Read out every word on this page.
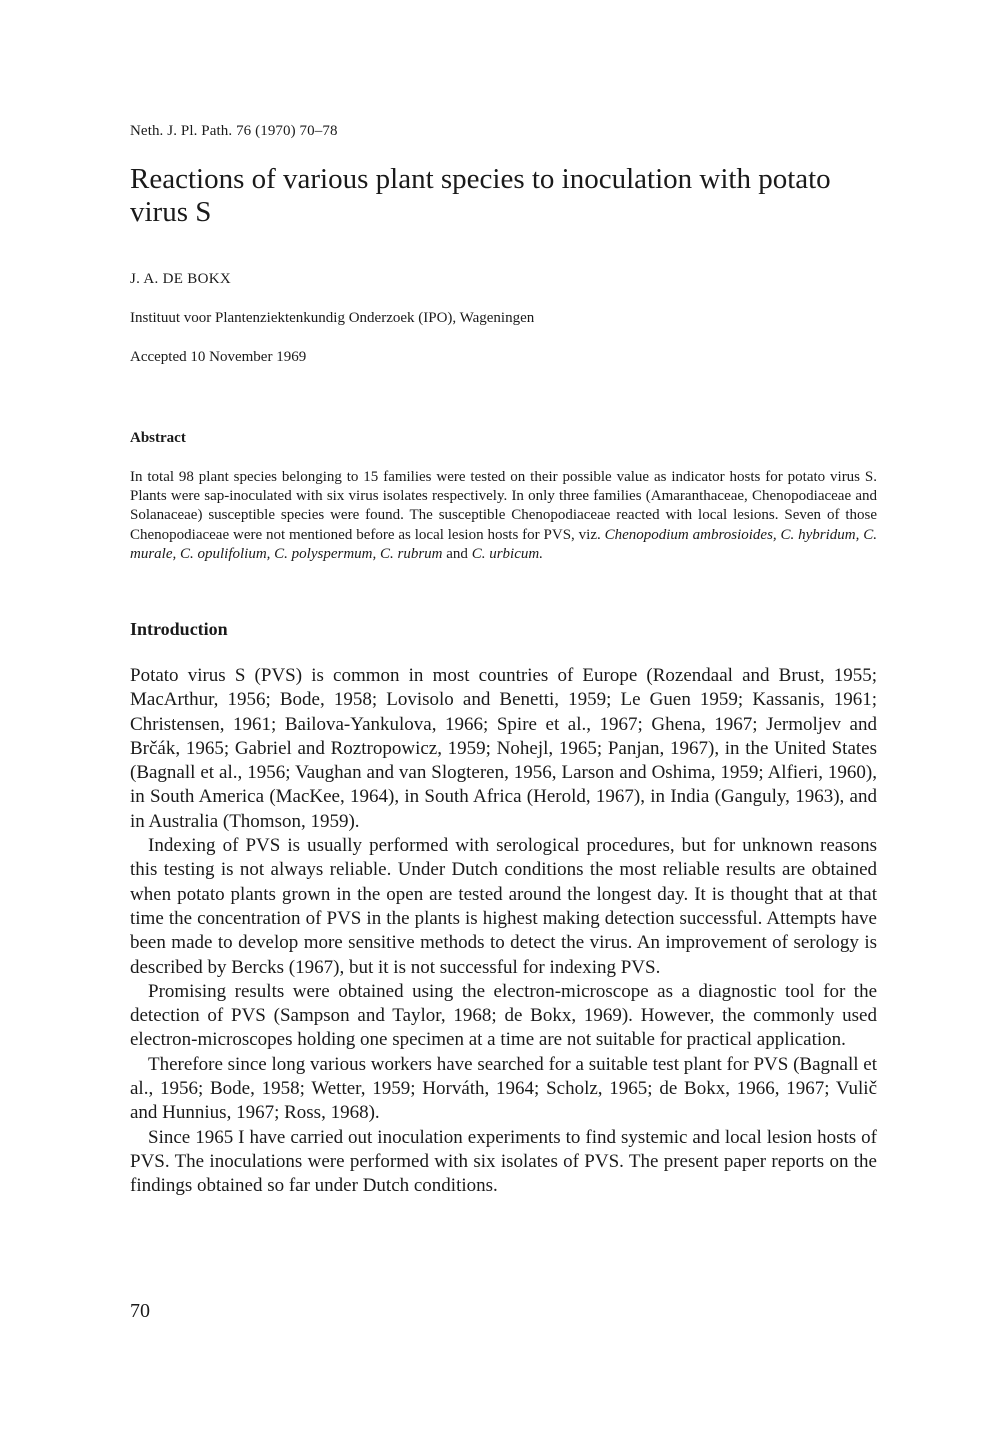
Neth. J. Pl. Path. 76 (1970) 70–78
Reactions of various plant species to inoculation with potato virus S
J. A. DE BOKX
Instituut voor Plantenziektenkundig Onderzoek (IPO), Wageningen
Accepted 10 November 1969
Abstract

In total 98 plant species belonging to 15 families were tested on their possible value as indicator hosts for potato virus S. Plants were sap-inoculated with six virus isolates respectively. In only three families (Amaranthaceae, Chenopodiaceae and Solanaceae) susceptible species were found. The susceptible Chenopodiaceae reacted with local lesions. Seven of those Chenopodiaceae were not mentioned before as local lesion hosts for PVS, viz. Chenopodium ambrosioides, C. hybridum, C. murale, C. opulifolium, C. polyspermum, C. rubrum and C. urbicum.

Introduction

Potato virus S (PVS) is common in most countries of Europe (Rozendaal and Brust, 1955; MacArthur, 1956; Bode, 1958; Lovisolo and Benetti, 1959; Le Guen 1959; Kassanis, 1961; Christensen, 1961; Bailova-Yankulova, 1966; Spire et al., 1967; Ghena, 1967; Jermoljev and Brčák, 1965; Gabriel and Roztropowicz, 1959; Nohejl, 1965; Panjan, 1967), in the United States (Bagnall et al., 1956; Vaughan and van Slogteren, 1956, Larson and Oshima, 1959; Alfieri, 1960), in South America (MacKee, 1964), in South Africa (Herold, 1967), in India (Ganguly, 1963), and in Australia (Thomson, 1959).

Indexing of PVS is usually performed with serological procedures, but for unknown reasons this testing is not always reliable. Under Dutch conditions the most reliable results are obtained when potato plants grown in the open are tested around the longest day. It is thought that at that time the concentration of PVS in the plants is highest making detection successful. Attempts have been made to develop more sensitive methods to detect the virus. An improvement of serology is described by Bercks (1967), but it is not successful for indexing PVS.

Promising results were obtained using the electron-microscope as a diagnostic tool for the detection of PVS (Sampson and Taylor, 1968; de Bokx, 1969). However, the commonly used electron-microscopes holding one specimen at a time are not suitable for practical application.

Therefore since long various workers have searched for a suitable test plant for PVS (Bagnall et al., 1956; Bode, 1958; Wetter, 1959; Horváth, 1964; Scholz, 1965; de Bokx, 1966, 1967; Vulič and Hunnius, 1967; Ross, 1968).

Since 1965 I have carried out inoculation experiments to find systemic and local lesion hosts of PVS. The inoculations were performed with six isolates of PVS. The present paper reports on the findings obtained so far under Dutch conditions.

70
